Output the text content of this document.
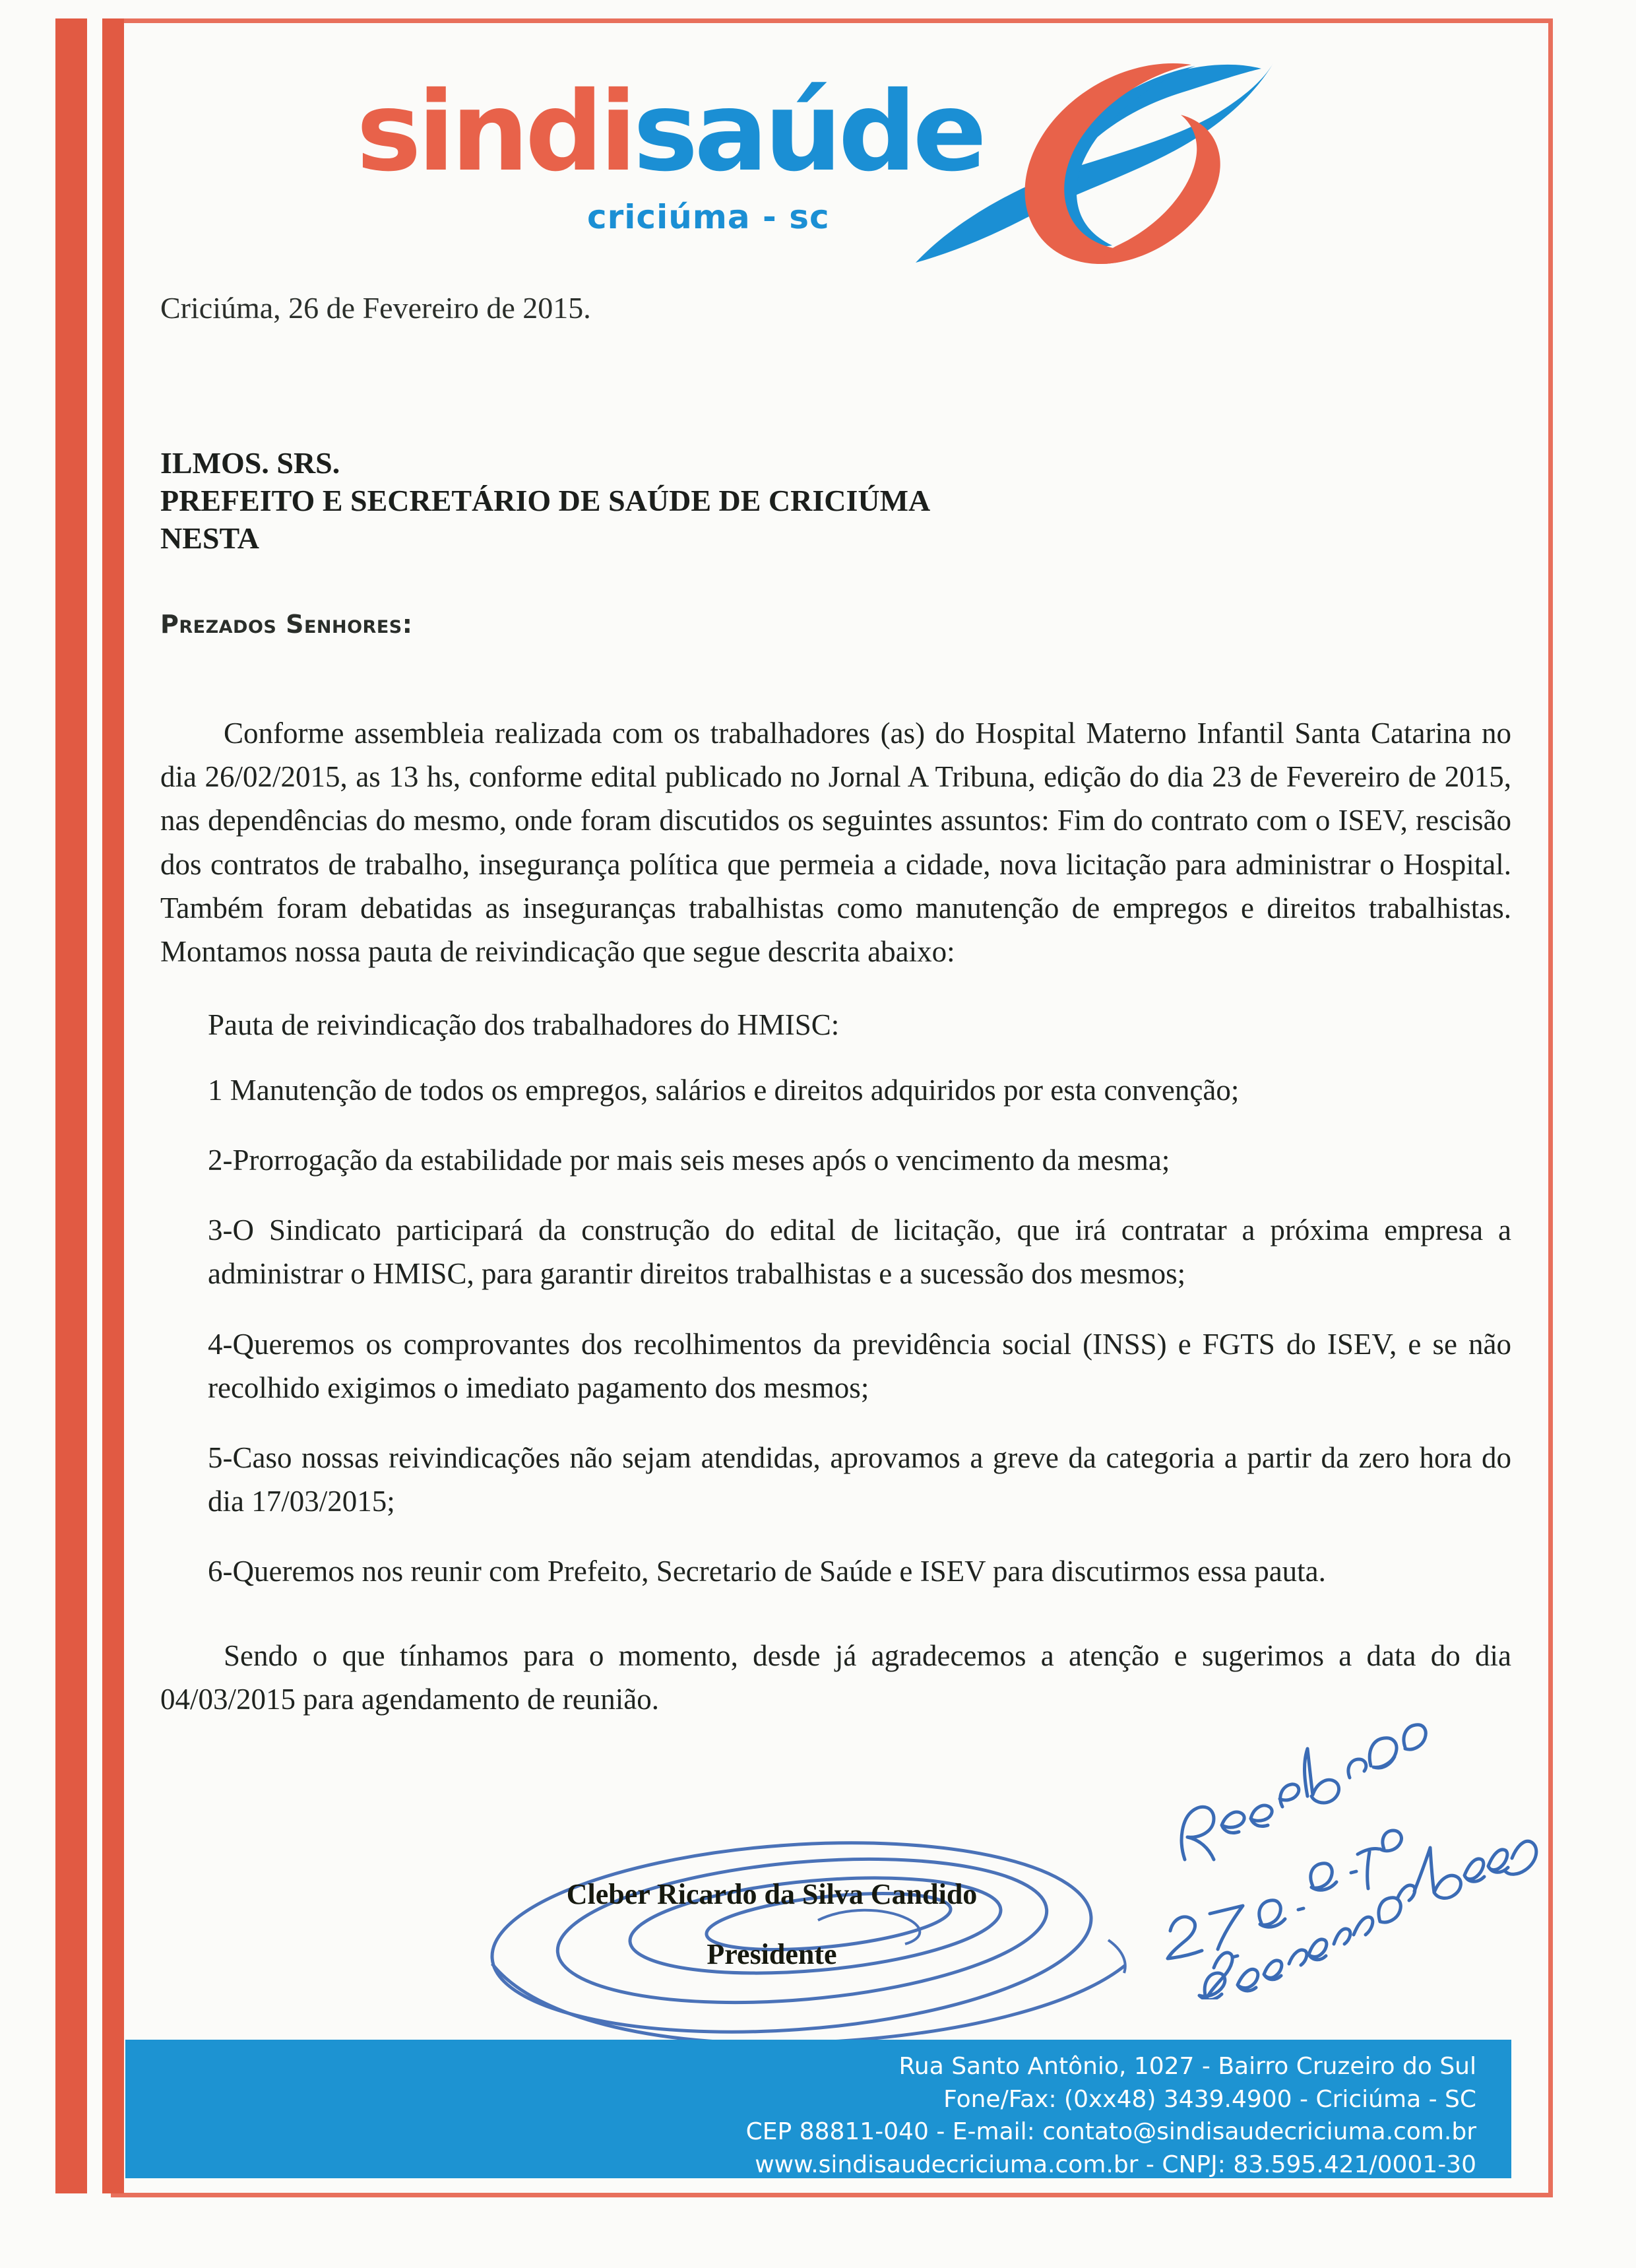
sindisaúde
criciúma - sc
Criciúma, 26 de Fevereiro de 2015.
ILMOS. SRS.
PREFEITO E SECRETÁRIO DE SAÚDE DE CRICIÚMA
NESTA
Prezados Senhores:
Conforme assembleia realizada com os trabalhadores (as) do Hospital Materno Infantil Santa Catarina no dia 26/02/2015, as 13 hs, conforme edital publicado no Jornal A Tribuna, edição do dia 23 de Fevereiro de 2015, nas dependências do mesmo, onde foram discutidos os seguintes assuntos: Fim do contrato com o ISEV, rescisão dos contratos de trabalho, insegurança política que permeia a cidade, nova licitação para administrar o Hospital. Também foram debatidas as inseguranças trabalhistas como manutenção de empregos e direitos trabalhistas. Montamos nossa pauta de reivindicação que segue descrita abaixo:
Pauta de reivindicação dos trabalhadores do HMISC:
1 Manutenção de todos os empregos, salários e direitos adquiridos por esta convenção;
2-Prorrogação da estabilidade por mais seis meses após o vencimento da mesma;
3-O Sindicato participará da construção do edital de licitação, que irá contratar a próxima empresa a administrar o HMISC, para garantir direitos trabalhistas e a sucessão dos mesmos;
4-Queremos os comprovantes dos recolhimentos da previdência social (INSS) e FGTS do ISEV, e se não recolhido exigimos o imediato pagamento dos mesmos;
5-Caso nossas reivindicações não sejam atendidas, aprovamos a greve da categoria a partir da zero hora do dia 17/03/2015;
6-Queremos nos reunir com Prefeito, Secretario de Saúde e ISEV para discutirmos essa pauta.
Sendo o que tínhamos para o momento, desde já agradecemos a atenção e sugerimos a data do dia 04/03/2015 para agendamento de reunião.
Cleber Ricardo da Silva Candido
Presidente
Rua Santo Antônio, 1027 - Bairro Cruzeiro do Sul
Fone/Fax: (0xx48) 3439.4900 - Criciúma - SC
CEP 88811-040 - E-mail: contato@sindisaudecriciuma.com.br
www.sindisaudecriciuma.com.br - CNPJ: 83.595.421/0001-30
